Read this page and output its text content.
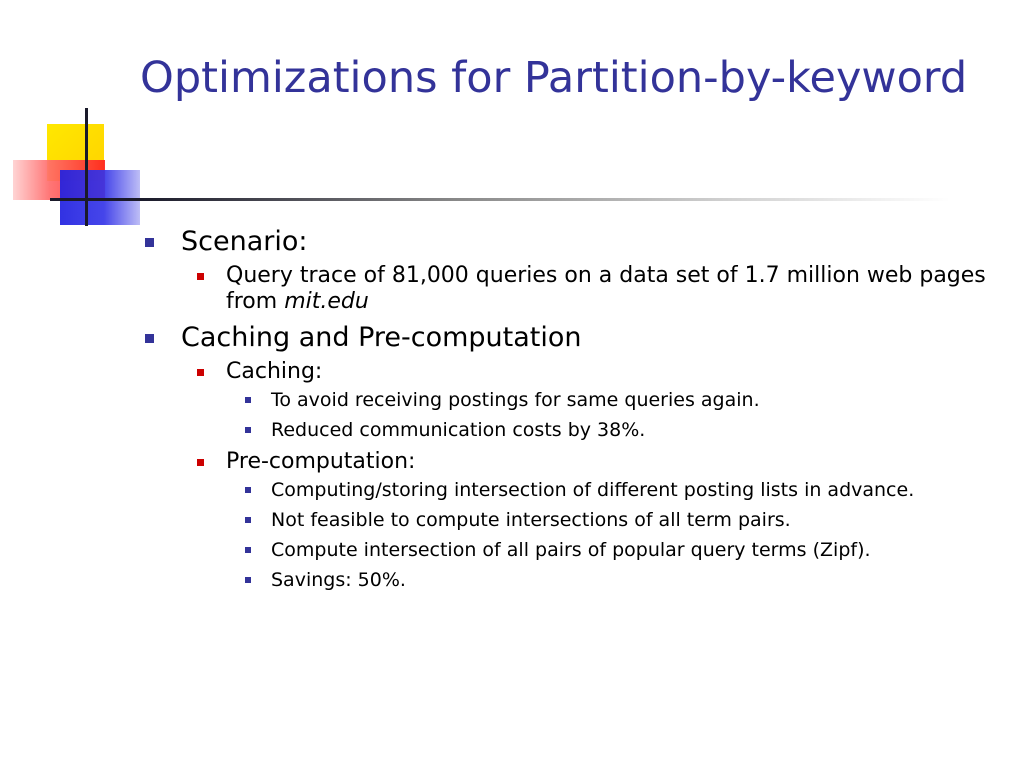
Optimizations for Partition-by-keyword
Scenario:
Query trace of 81,000 queries on a data set of 1.7 million web pages from mit.edu
Caching and Pre-computation
Caching:
To avoid receiving postings for same queries again.
Reduced communication costs by 38%.
Pre-computation:
Computing/storing intersection of different posting lists in advance.
Not feasible to compute intersections of all term pairs.
Compute intersection of all pairs of popular query terms (Zipf).
Savings: 50%.
